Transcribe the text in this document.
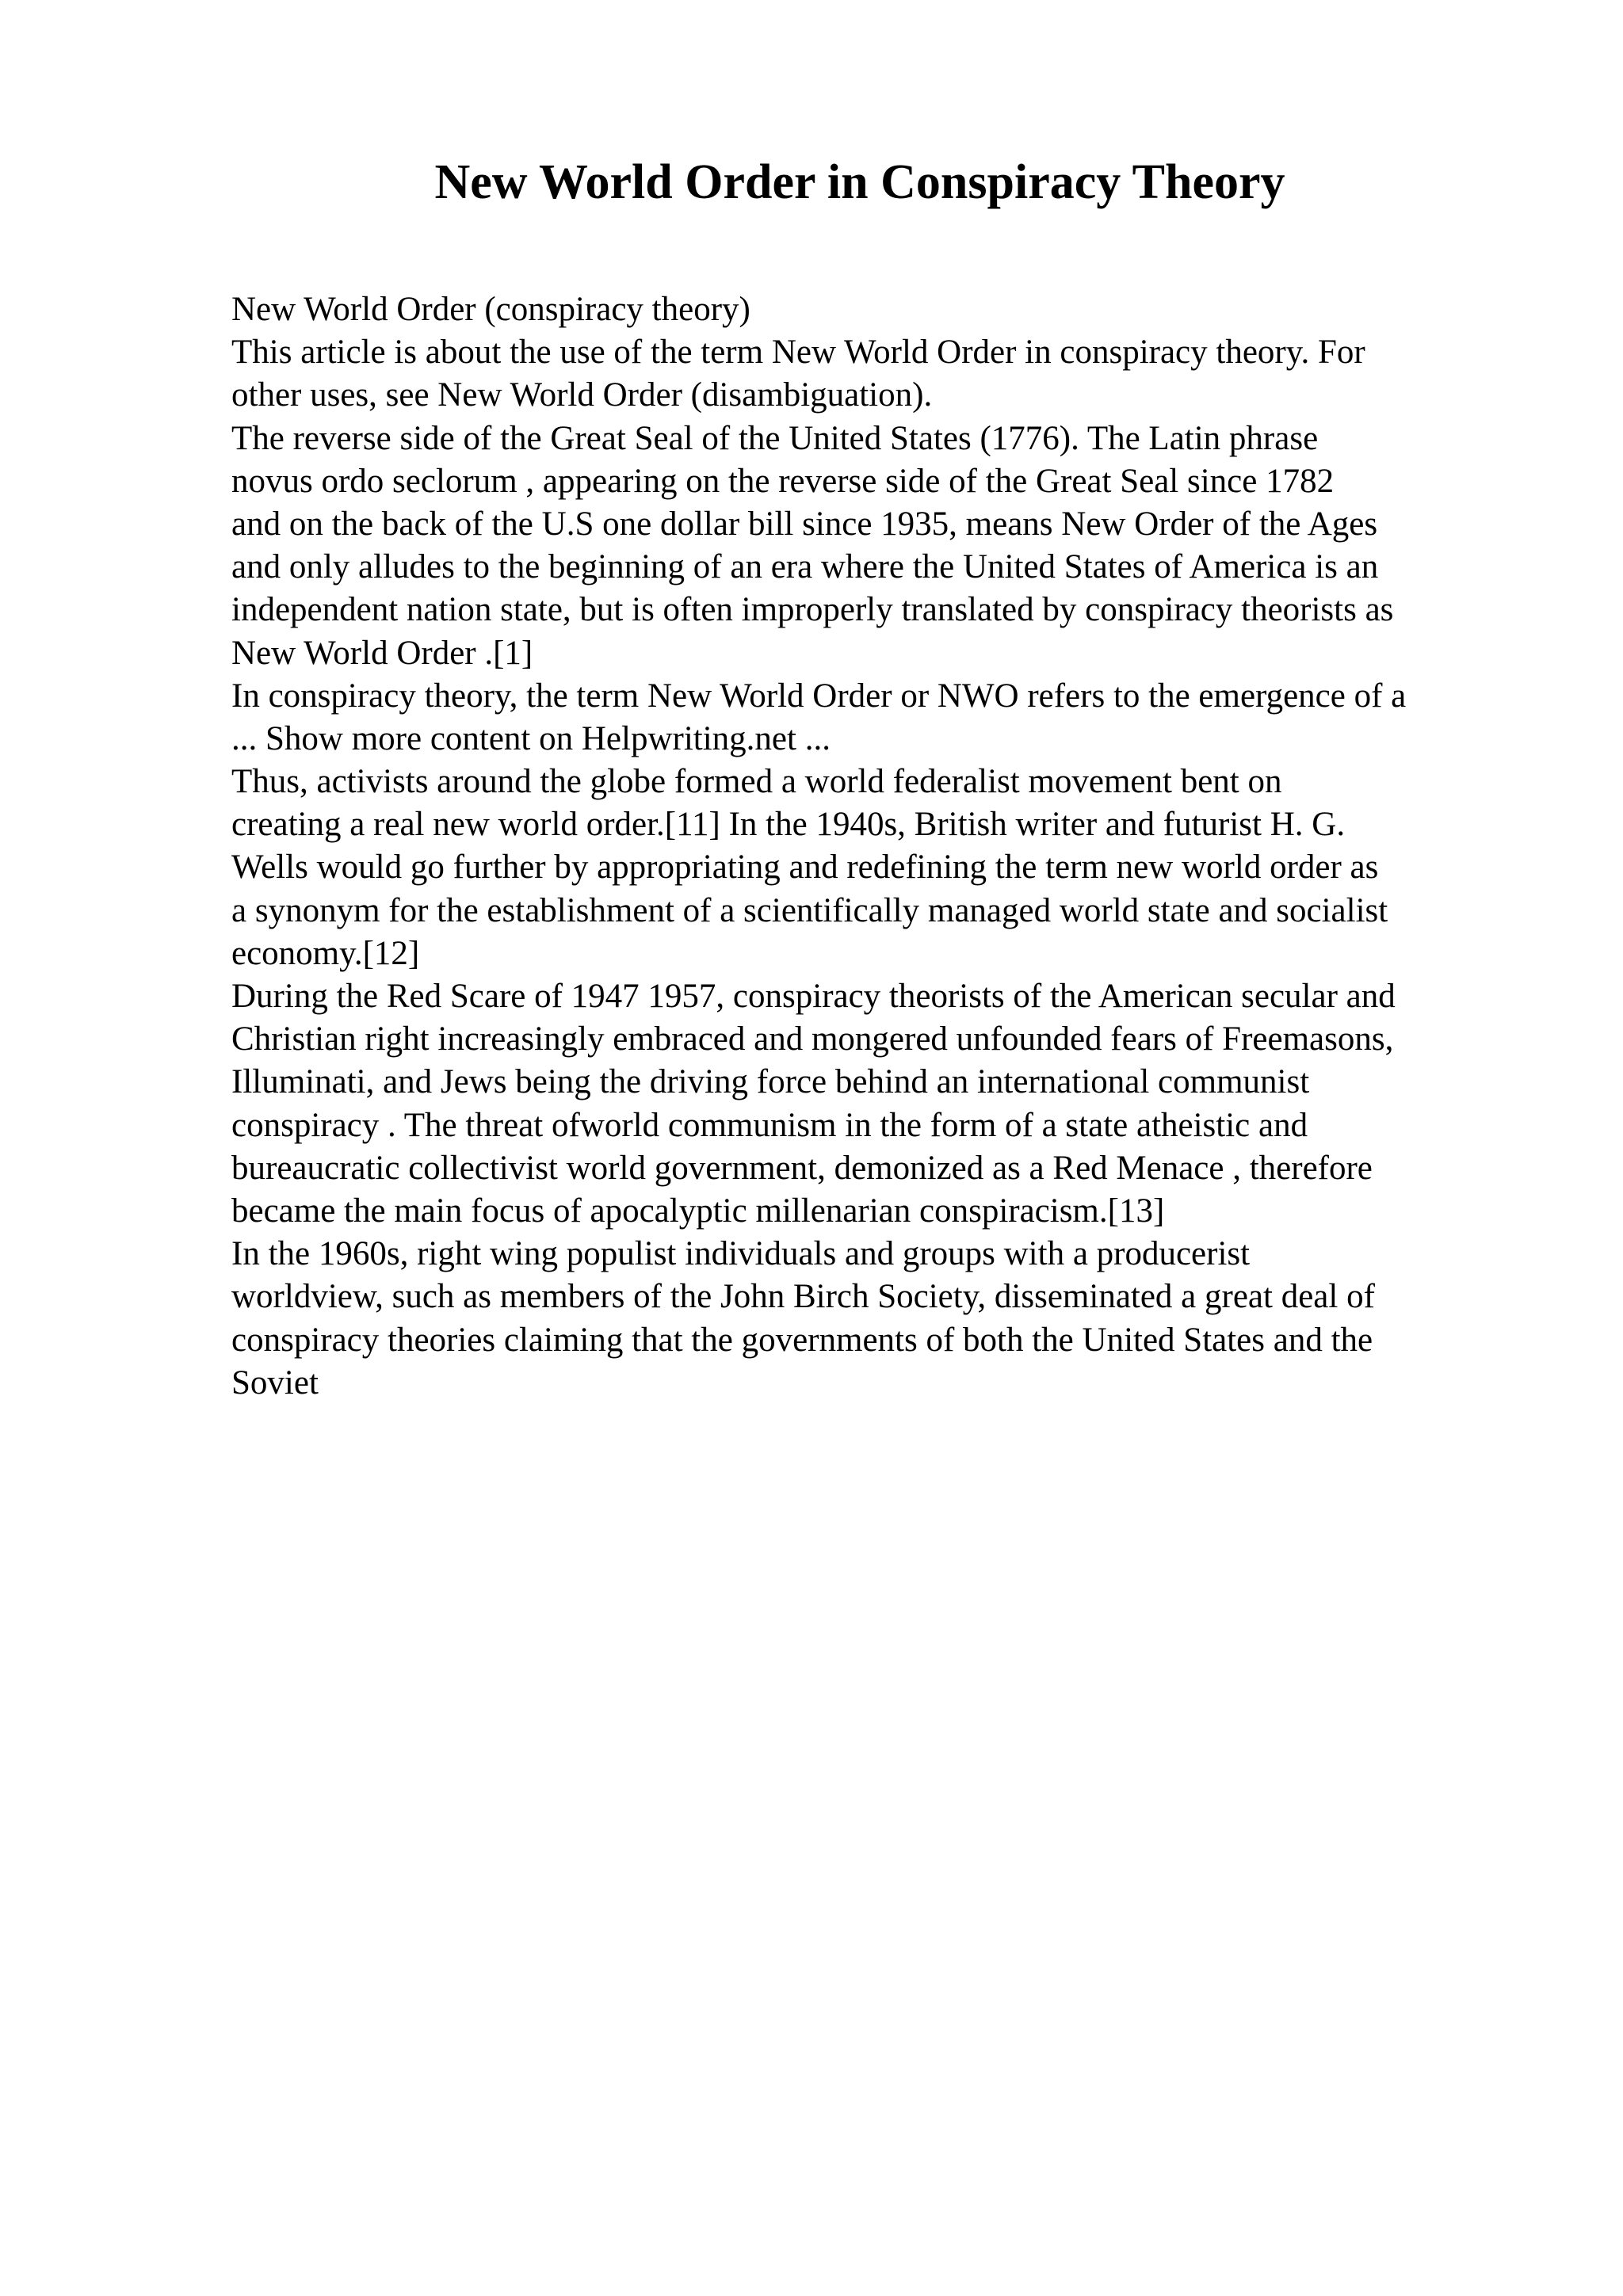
New World Order in Conspiracy Theory
New World Order (conspiracy theory)
This article is about the use of the term New World Order in conspiracy theory. For
other uses, see New World Order (disambiguation).
The reverse side of the Great Seal of the United States (1776). The Latin phrase
novus ordo seclorum , appearing on the reverse side of the Great Seal since 1782
and on the back of the U.S one dollar bill since 1935, means New Order of the Ages
and only alludes to the beginning of an era where the United States of America is an
independent nation state, but is often improperly translated by conspiracy theorists as
New World Order .[1]
In conspiracy theory, the term New World Order or NWO refers to the emergence of a
... Show more content on Helpwriting.net ...
Thus, activists around the globe formed a world federalist movement bent on
creating a real new world order.[11] In the 1940s, British writer and futurist H. G.
Wells would go further by appropriating and redefining the term new world order as
a synonym for the establishment of a scientifically managed world state and socialist
economy.[12]
During the Red Scare of 1947 1957, conspiracy theorists of the American secular and
Christian right increasingly embraced and mongered unfounded fears of Freemasons,
Illuminati, and Jews being the driving force behind an international communist
conspiracy . The threat ofworld communism in the form of a state atheistic and
bureaucratic collectivist world government, demonized as a Red Menace , therefore
became the main focus of apocalyptic millenarian conspiracism.[13]
In the 1960s, right wing populist individuals and groups with a producerist
worldview, such as members of the John Birch Society, disseminated a great deal of
conspiracy theories claiming that the governments of both the United States and the
Soviet
